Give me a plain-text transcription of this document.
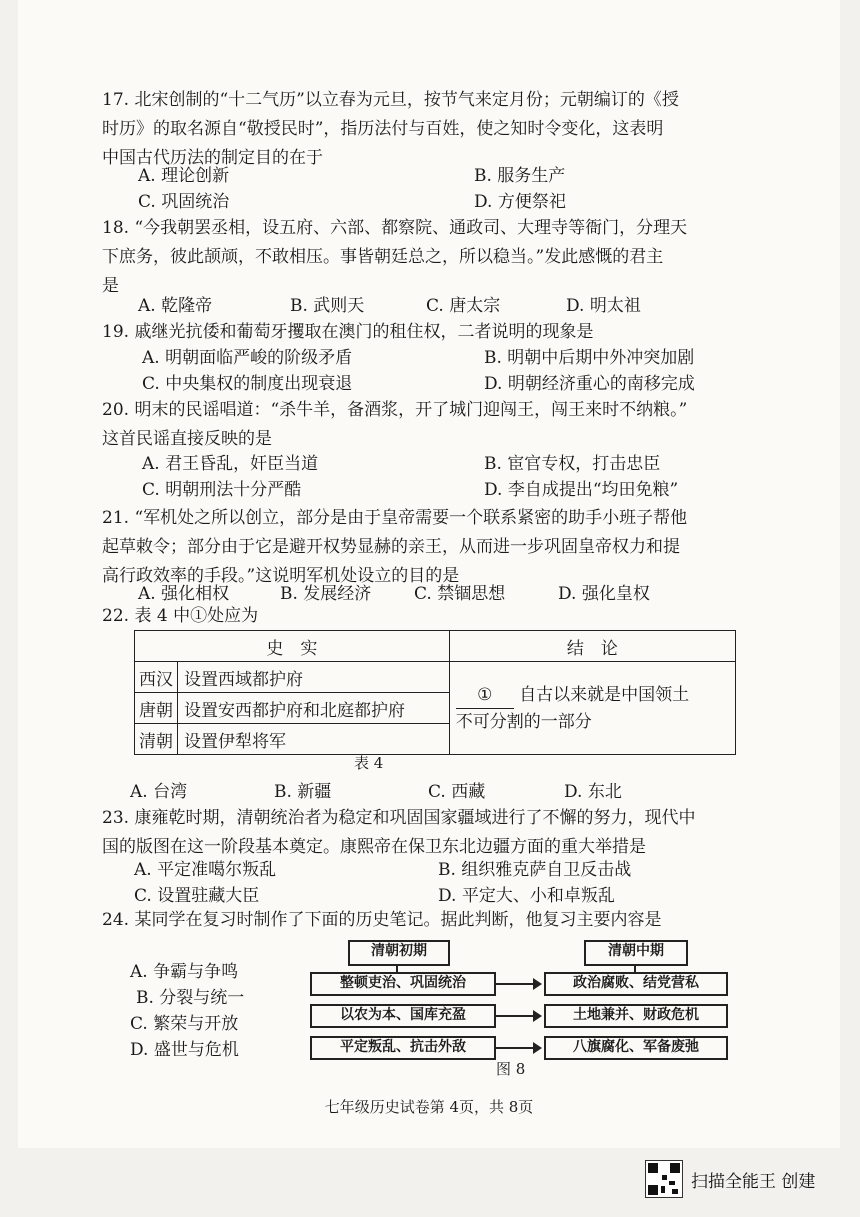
17. 北宋创制的“十二气历”以立春为元旦，按节气来定月份；元朝编订的《授
时历》的取名源自“敬授民时”，指历法付与百姓，使之知时令变化，这表明
中国古代历法的制定目的在于
A. 理论创新	B. 服务生产
C. 巩固统治	D. 方便祭祀
18. “今我朝罢丞相，设五府、六部、都察院、通政司、大理寺等衙门，分理天
下庶务，彼此颉颃，不敢相压。事皆朝廷总之，所以稳当。”发此感慨的君主
是
A. 乾隆帝	B. 武则天	C. 唐太宗	D. 明太祖
19. 戚继光抗倭和葡萄牙攫取在澳门的租住权，二者说明的现象是
A. 明朝面临严峻的阶级矛盾	B. 明朝中后期中外冲突加剧
C. 中央集权的制度出现衰退	D. 明朝经济重心的南移完成
20. 明末的民谣唱道：“杀牛羊，备酒浆，开了城门迎闯王，闯王来时不纳粮。”
这首民谣直接反映的是
A. 君王昏乱，奸臣当道	B. 宦官专权，打击忠臣
C. 明朝刑法十分严酷	D. 李自成提出“均田免粮”
21. “军机处之所以创立，部分是由于皇帝需要一个联系紧密的助手小班子帮他
起草敕令；部分由于它是避开权势显赫的亲王，从而进一步巩固皇帝权力和提
高行政效率的手段。”这说明军机处设立的目的是
A. 强化相权	B. 发展经济	C. 禁锢思想	D. 强化皇权
22. 表 4 中①处应为
史　实		结　论
西汉	设置西域都护府	① 自古以来就是中国领土
不可分割的一部分
唐朝	设置安西都护府和北庭都护府	
清朝	设置伊犁将军	
表 4
A. 台湾	B. 新疆	C. 西藏	D. 东北
23. 康雍乾时期，清朝统治者为稳定和巩固国家疆域进行了不懈的努力，现代中
国的版图在这一阶段基本奠定。康熙帝在保卫东北边疆方面的重大举措是
A. 平定准噶尔叛乱	B. 组织雅克萨自卫反击战
C. 设置驻藏大臣	D. 平定大、小和卓叛乱
24. 某同学在复习时制作了下面的历史笔记。据此判断，他复习主要内容是
A. 争霸与争鸣
B. 分裂与统一
C. 繁荣与开放
D. 盛世与危机
清朝初期	清朝中期
整顿吏治、巩固统治
以农为本、国库充盈
平定叛乱、抗击外敌
政治腐败、结党营私
土地兼并、财政危机
八旗腐化、军备废弛
图 8
七年级历史试卷第 4页，共 8页
扫描全能王 创建
